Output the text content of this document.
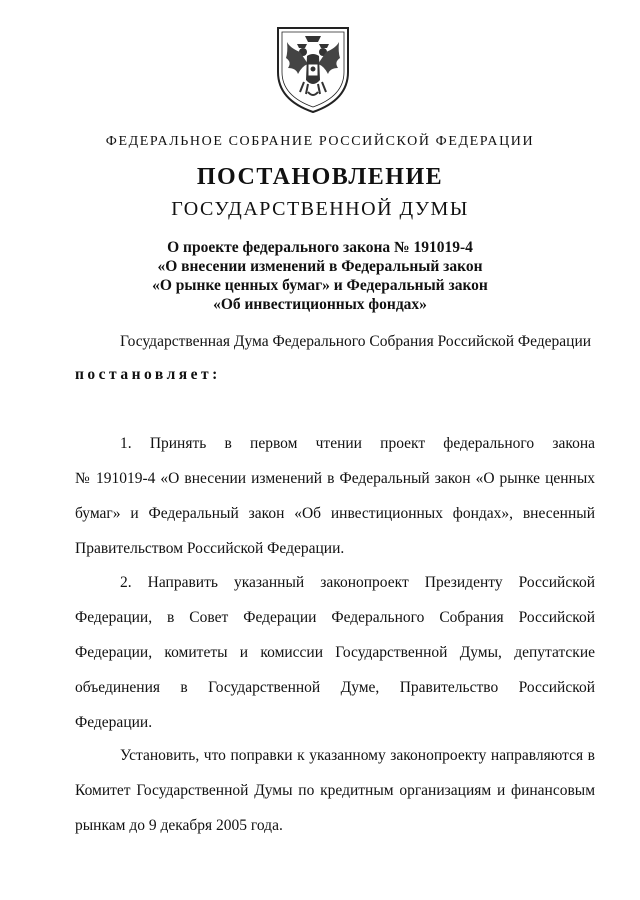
ФЕДЕРАЛЬНОЕ СОБРАНИЕ РОССИЙСКОЙ ФЕДЕРАЦИИ
ПОСТАНОВЛЕНИЕ
ГОСУДАРСТВЕННОЙ ДУМЫ
О проекте федерального закона № 191019-4
«О внесении изменений в Федеральный закон
«О рынке ценных бумаг» и Федеральный закон
«Об инвестиционных фондах»
Государственная Дума Федерального Собрания Российской Федерации
постановляет:
1. Принять в первом чтении проект федерального закона
№ 191019-4 «О внесении изменений в Федеральный закон «О рынке ценных
бумаг» и Федеральный закон «Об инвестиционных фондах», внесенный
Правительством Российской Федерации.
2. Направить указанный законопроект Президенту Российской
Федерации, в Совет Федерации Федерального Собрания Российской
Федерации, комитеты и комиссии Государственной Думы, депутатские
объединения в Государственной Думе, Правительство Российской
Федерации.
Установить, что поправки к указанному законопроекту направляются в
Комитет Государственной Думы по кредитным организациям и финансовым
рынкам до 9 декабря 2005 года.
